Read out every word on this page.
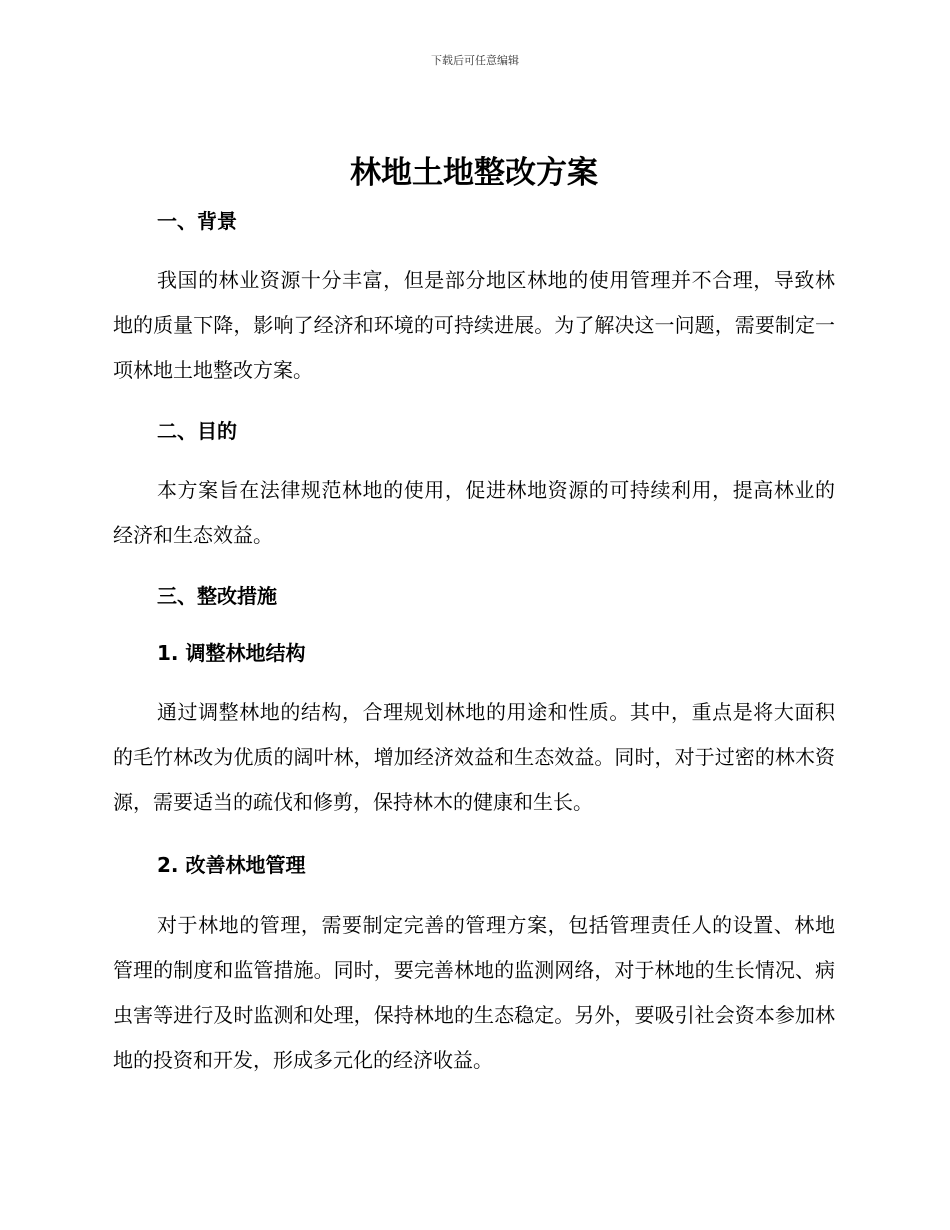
下载后可任意编辑
林地土地整改方案
一、背景

我国的林业资源十分丰富，但是部分地区林地的使用管理并不合理，导致林地的质量下降，影响了经济和环境的可持续进展。为了解决这一问题，需要制定一项林地土地整改方案。

二、目的

本方案旨在法律规范林地的使用，促进林地资源的可持续利用，提高林业的经济和生态效益。

三、整改措施
1. 调整林地结构

通过调整林地的结构，合理规划林地的用途和性质。其中，重点是将大面积的毛竹林改为优质的阔叶林，增加经济效益和生态效益。同时，对于过密的林木资源，需要适当的疏伐和修剪，保持林木的健康和生长。

2. 改善林地管理

对于林地的管理，需要制定完善的管理方案，包括管理责任人的设置、林地管理的制度和监管措施。同时，要完善林地的监测网络，对于林地的生长情况、病虫害等进行及时监测和处理，保持林地的生态稳定。另外，要吸引社会资本参加林地的投资和开发，形成多元化的经济收益。
